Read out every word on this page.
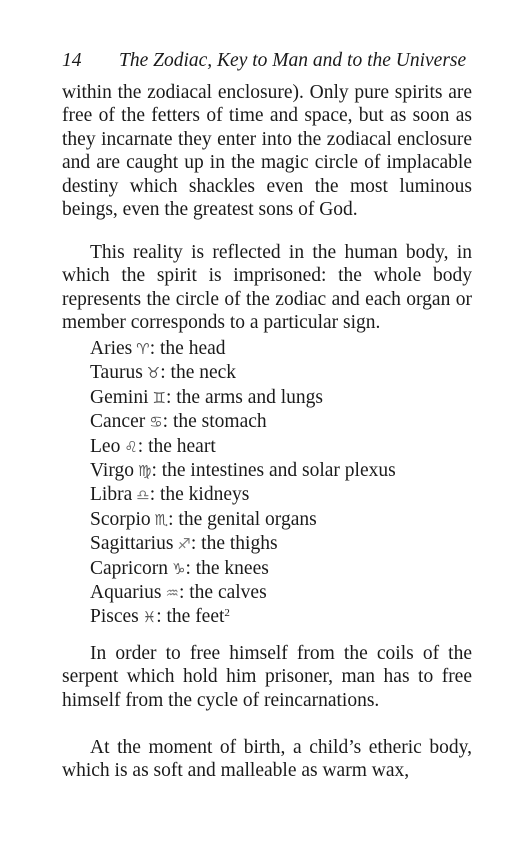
14 The Zodiac, Key to Man and to the Universe

within the zodiacal enclosure). Only pure spirits are free of the fetters of time and space, but as soon as they incarnate they enter into the zodiacal enclosure and are caught up in the magic circle of implacable destiny which shackles even the most luminous beings, even the greatest sons of God.

This reality is reflected in the human body, in which the spirit is imprisoned: the whole body represents the circle of the zodiac and each organ or member corresponds to a particular sign.

Aries ♈︎: the head
Taurus ♉︎: the neck
Gemini ♊︎: the arms and lungs
Cancer ♋︎: the stomach
Leo ♌︎: the heart
Virgo ♍︎: the intestines and solar plexus
Libra ♎︎: the kidneys
Scorpio ♏︎: the genital organs
Sagittarius ♐︎: the thighs
Capricorn ♑︎: the knees
Aquarius ♒︎: the calves
Pisces ♓︎: the feet$^2$

In order to free himself from the coils of the serpent which hold him prisoner, man has to free himself from the cycle of reincarnations.

At the moment of birth, a child’s etheric body, which is as soft and malleable as warm wax,
